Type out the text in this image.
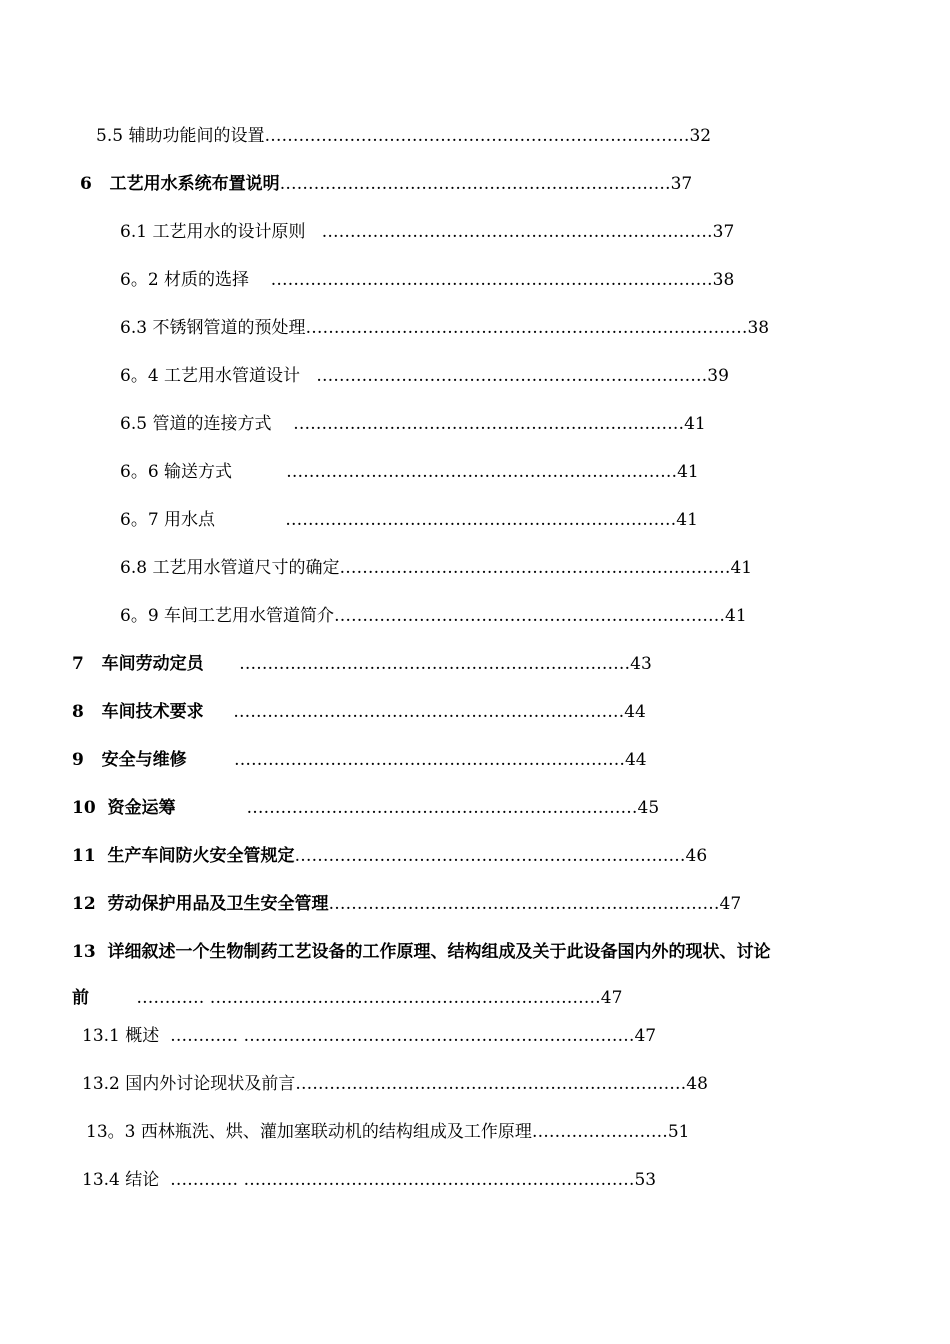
5.5 辅助功能间的设置…………………………………………………………………32
6 工艺用水系统布置说明……………………………………………………………37
6.1 工艺用水的设计原则 ……………………………………………………………37
6。2 材质的选择 ……………………………………………………………………38
6.3 不锈钢管道的预处理……………………………………………………………………38
6。4 工艺用水管道设计 ……………………………………………………………39
6.5 管道的连接方式 ……………………………………………………………41
6。6 输送方式	……………………………………………………………41
6。7 用水点	……………………………………………………………41
6.8 工艺用水管道尺寸的确定……………………………………………………………41
6。9 车间工艺用水管道简介……………………………………………………………41
7 车间劳动定员 ……………………………………………………………43
8 车间技术要求 ……………………………………………………………44
9 安全与维修	……………………………………………………………44
10 资金运筹	……………………………………………………………45
11 生产车间防火安全管规定……………………………………………………………46
12 劳动保护用品及卫生安全管理……………………………………………………………47
13 详细叙述一个生物制药工艺设备的工作原理、结构组成及关于此设备国内外的现状、讨论前	………… ……………………………………………………………47
13.1 概述 ………… ……………………………………………………………47
13.2 国内外讨论现状及前言……………………………………………………………48
13。3 西林瓶洗、烘、灌加塞联动机的结构组成及工作原理……………………51
13.4 结论 ………… ……………………………………………………………53
